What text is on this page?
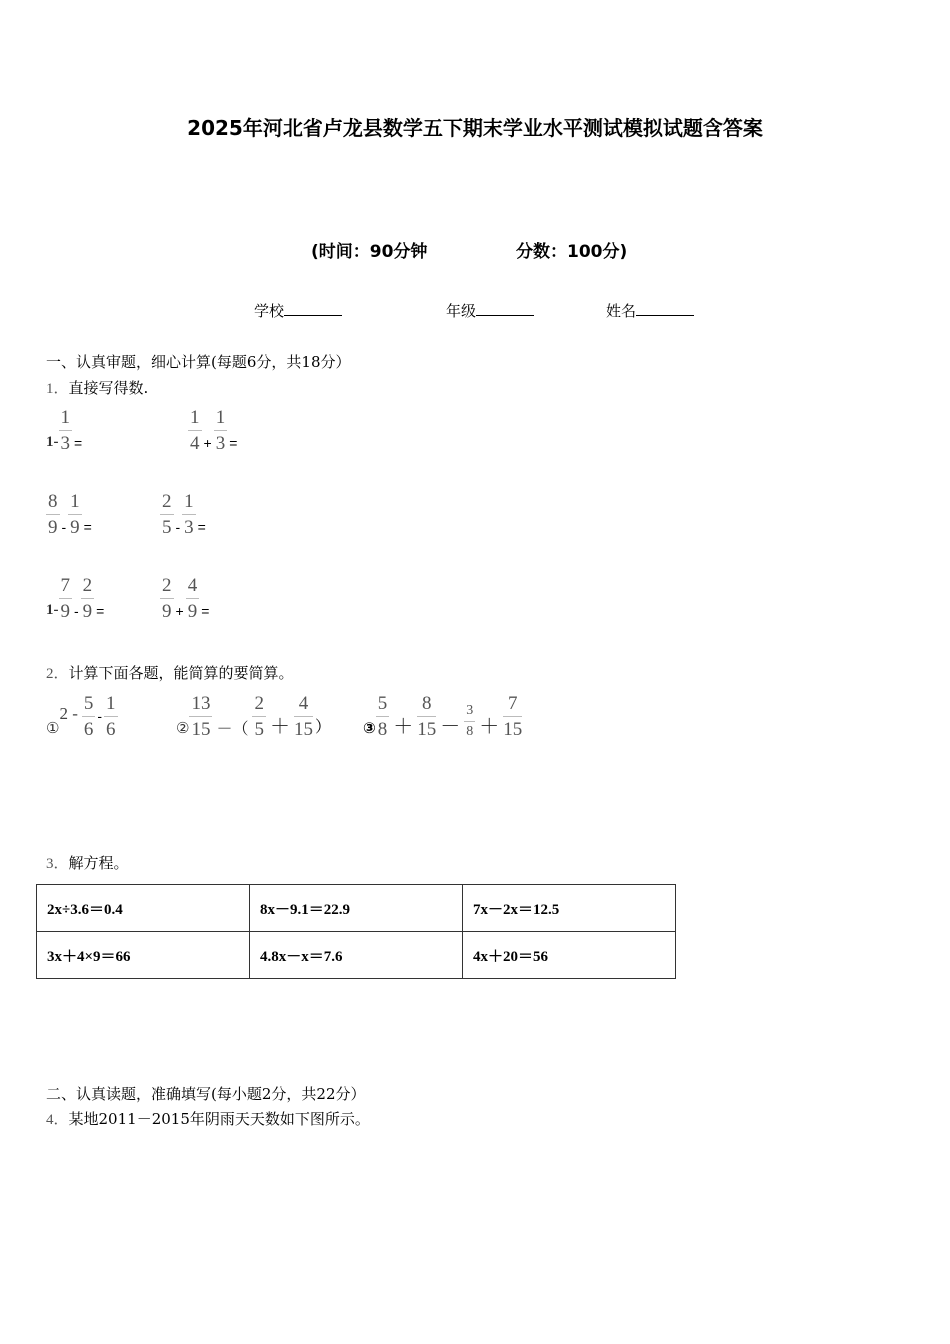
2025年河北省卢龙县数学五下期末学业水平测试模拟试题含答案
(时间：90分钟	分数：100分)
学校	年级	姓名
一、认真审题，细心计算(每题6分，共18分）
1．直接写得数.
$1- \frac{1}{3}$ =	$\frac{1}{4} + \frac{1}{3}$ =
$\frac{8}{9} - \frac{1}{9}$ =	$\frac{2}{5} - \frac{1}{3}$ =
$1- \frac{7}{9} - \frac{2}{9}$ =	$\frac{2}{9} + \frac{4}{9}$ =
2．计算下面各题，能简算的要简算。
①
$2 - \frac{5}{6} - \frac{1}{6}$	② $\frac{13}{15}$ －（ $\frac{2}{5} + \frac{4}{15}$ ） ③ $\frac{5}{8} + \frac{8}{15} - \frac{3}{8} + \frac{7}{15}$
3．解方程。
2x÷3.6＝0.4	8x－9.1＝22.9	7x－2x＝12.5
3x＋4×9＝66	4.8x－x＝7.6	4x＋20＝56
二、认真读题，准确填写(每小题2分，共22分）
4．某地2011－2015年阴雨天天数如下图所示。
